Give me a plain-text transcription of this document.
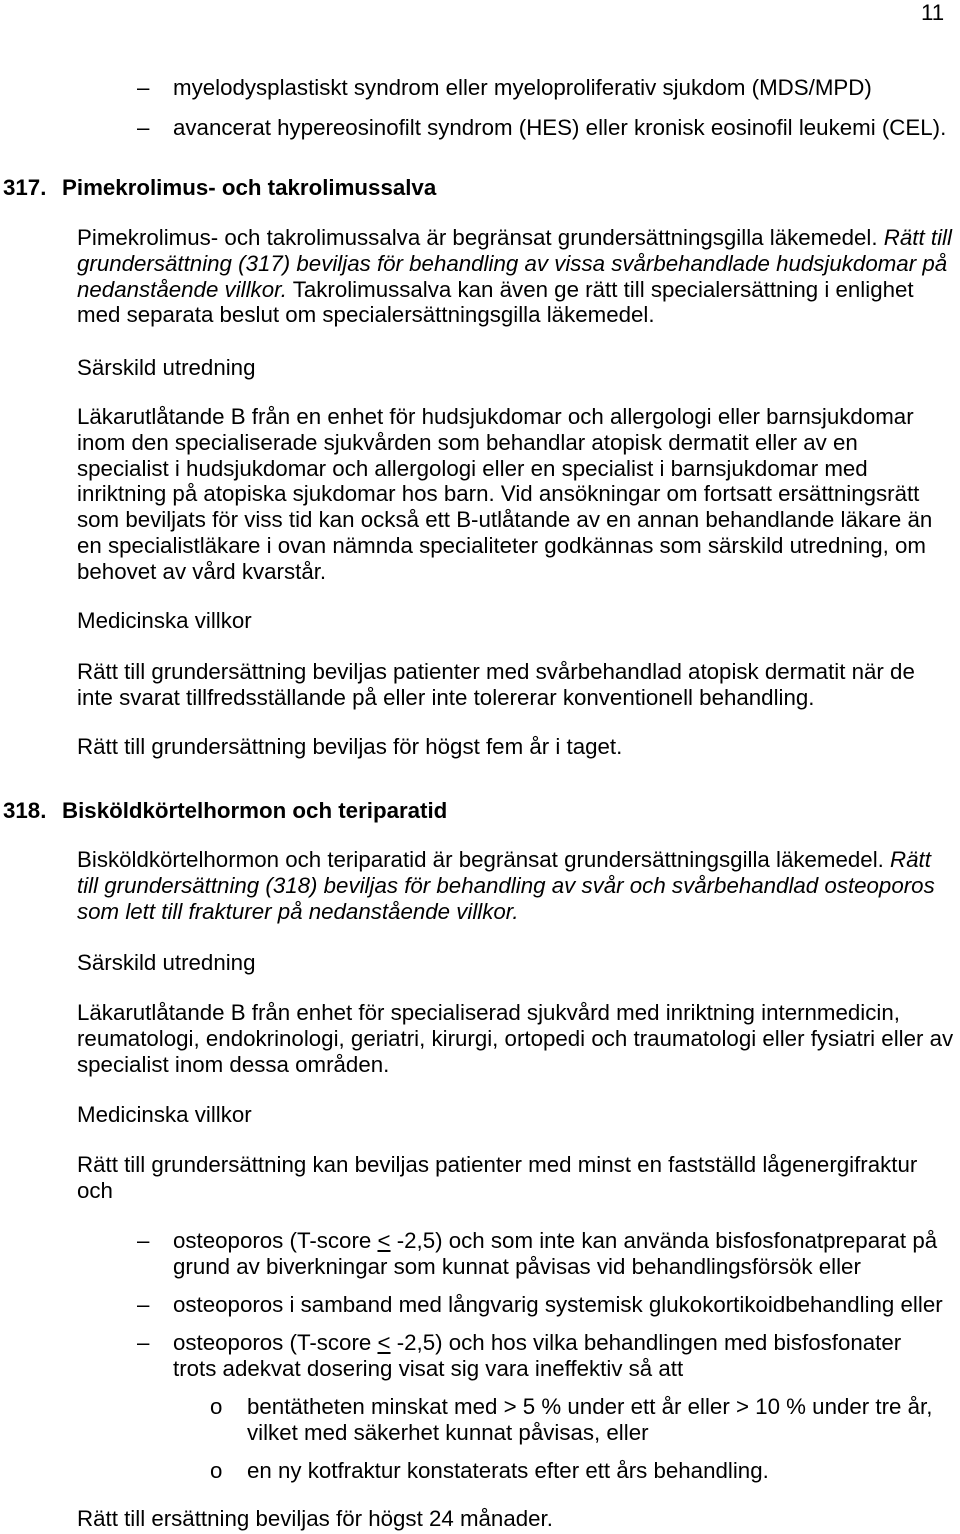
11
– myelodysplastiskt syndrom eller myeloproliferativ sjukdom (MDS/MPD)
– avancerat hypereosinofilt syndrom (HES) eller kronisk eosinofil leukemi (CEL).
317. Pimekrolimus- och takrolimussalva
Pimekrolimus- och takrolimussalva är begränsat grundersättningsgilla läkemedel. Rätt till
grundersättning (317) beviljas för behandling av vissa svårbehandlade hudsjukdomar på
nedanstående villkor. Takrolimussalva kan även ge rätt till specialersättning i enlighet
med separata beslut om specialersättningsgilla läkemedel.
Särskild utredning
Läkarutlåtande B från en enhet för hudsjukdomar och allergologi eller barnsjukdomar
inom den specialiserade sjukvården som behandlar atopisk dermatit eller av en
specialist i hudsjukdomar och allergologi eller en specialist i barnsjukdomar med
inriktning på atopiska sjukdomar hos barn. Vid ansökningar om fortsatt ersättningsrätt
som beviljats för viss tid kan också ett B-utlåtande av en annan behandlande läkare än
en specialistläkare i ovan nämnda specialiteter godkännas som särskild utredning, om
behovet av vård kvarstår.
Medicinska villkor
Rätt till grundersättning beviljas patienter med svårbehandlad atopisk dermatit när de
inte svarat tillfredsställande på eller inte tolererar konventionell behandling.
Rätt till grundersättning beviljas för högst fem år i taget.
318. Bisköldkörtelhormon och teriparatid
Bisköldkörtelhormon och teriparatid är begränsat grundersättningsgilla läkemedel. Rätt
till grundersättning (318) beviljas för behandling av svår och svårbehandlad osteoporos
som lett till frakturer på nedanstående villkor.
Särskild utredning
Läkarutlåtande B från enhet för specialiserad sjukvård med inriktning internmedicin,
reumatologi, endokrinologi, geriatri, kirurgi, ortopedi och traumatologi eller fysiatri eller av
specialist inom dessa områden.
Medicinska villkor
Rätt till grundersättning kan beviljas patienter med minst en fastställd lågenergifraktur
och
– osteoporos (T-score ≤ -2,5) och som inte kan använda bisfosfonatpreparat på
grund av biverkningar som kunnat påvisas vid behandlingsförsök eller
– osteoporos i samband med långvarig systemisk glukokortikoidbehandling eller
– osteoporos (T-score ≤ -2,5) och hos vilka behandlingen med bisfosfonater
trots adekvat dosering visat sig vara ineffektiv så att
o bentätheten minskat med > 5 % under ett år eller > 10 % under tre år,
vilket med säkerhet kunnat påvisas, eller
o en ny kotfraktur konstaterats efter ett års behandling.
Rätt till ersättning beviljas för högst 24 månader.
